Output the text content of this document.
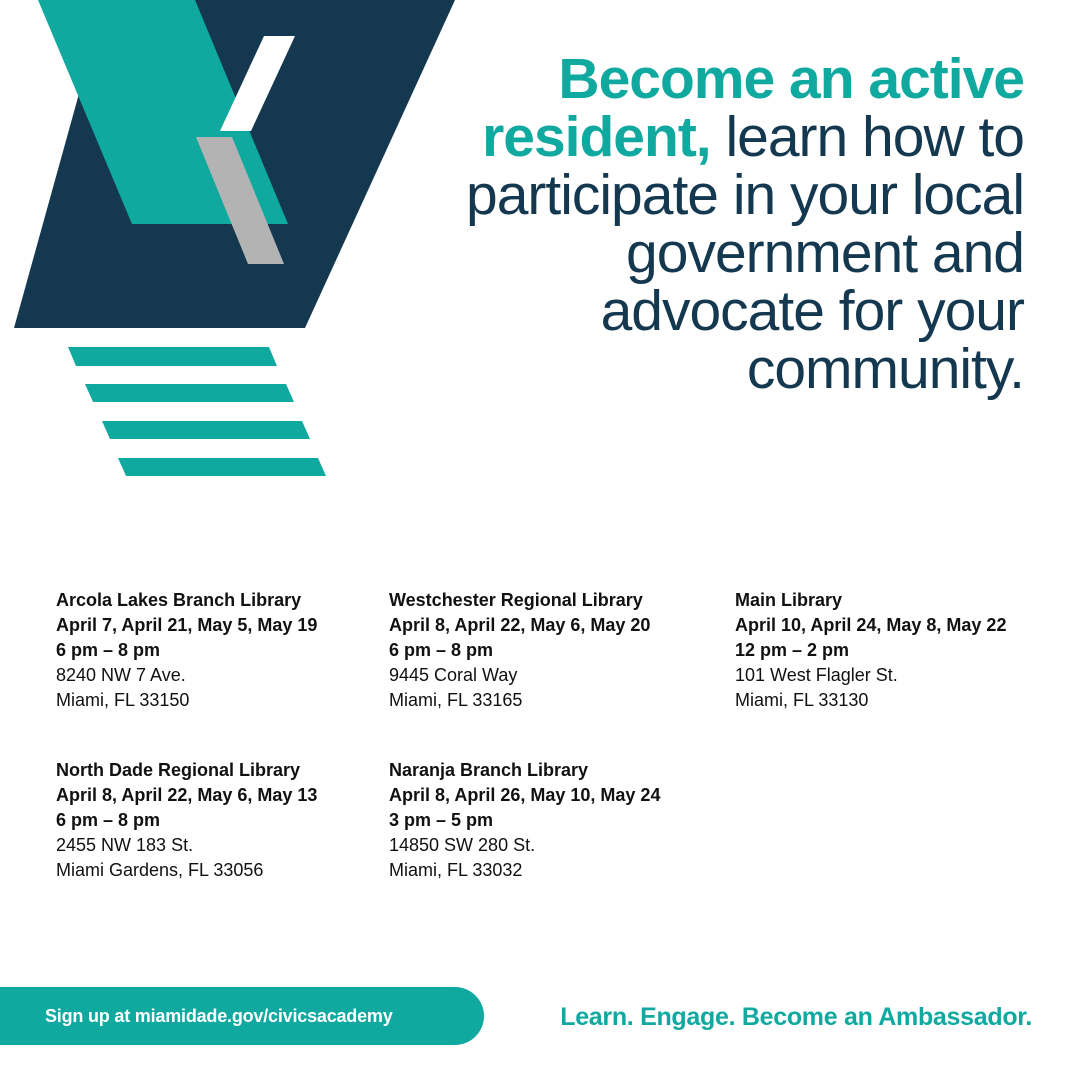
Become an active resident, learn how to participate in your local government and advocate for your community.
Arcola Lakes Branch Library
April 7, April 21, May 5, May 19
6 pm – 8 pm
8240 NW 7 Ave.
Miami, FL 33150
Westchester Regional Library
April 8, April 22, May 6, May 20
6 pm – 8 pm
9445 Coral Way
Miami, FL 33165
Main Library
April 10, April 24, May 8, May 22
12 pm – 2 pm
101 West Flagler St.
Miami, FL 33130
North Dade Regional Library
April 8, April 22, May 6, May 13
6 pm – 8 pm
2455 NW 183 St.
Miami Gardens, FL 33056
Naranja Branch Library
April 8, April 26, May 10, May 24
3 pm – 5 pm
14850 SW 280 St.
Miami, FL 33032
Sign up at miamidade.gov/civicsacademy	Learn. Engage. Become an Ambassador.
